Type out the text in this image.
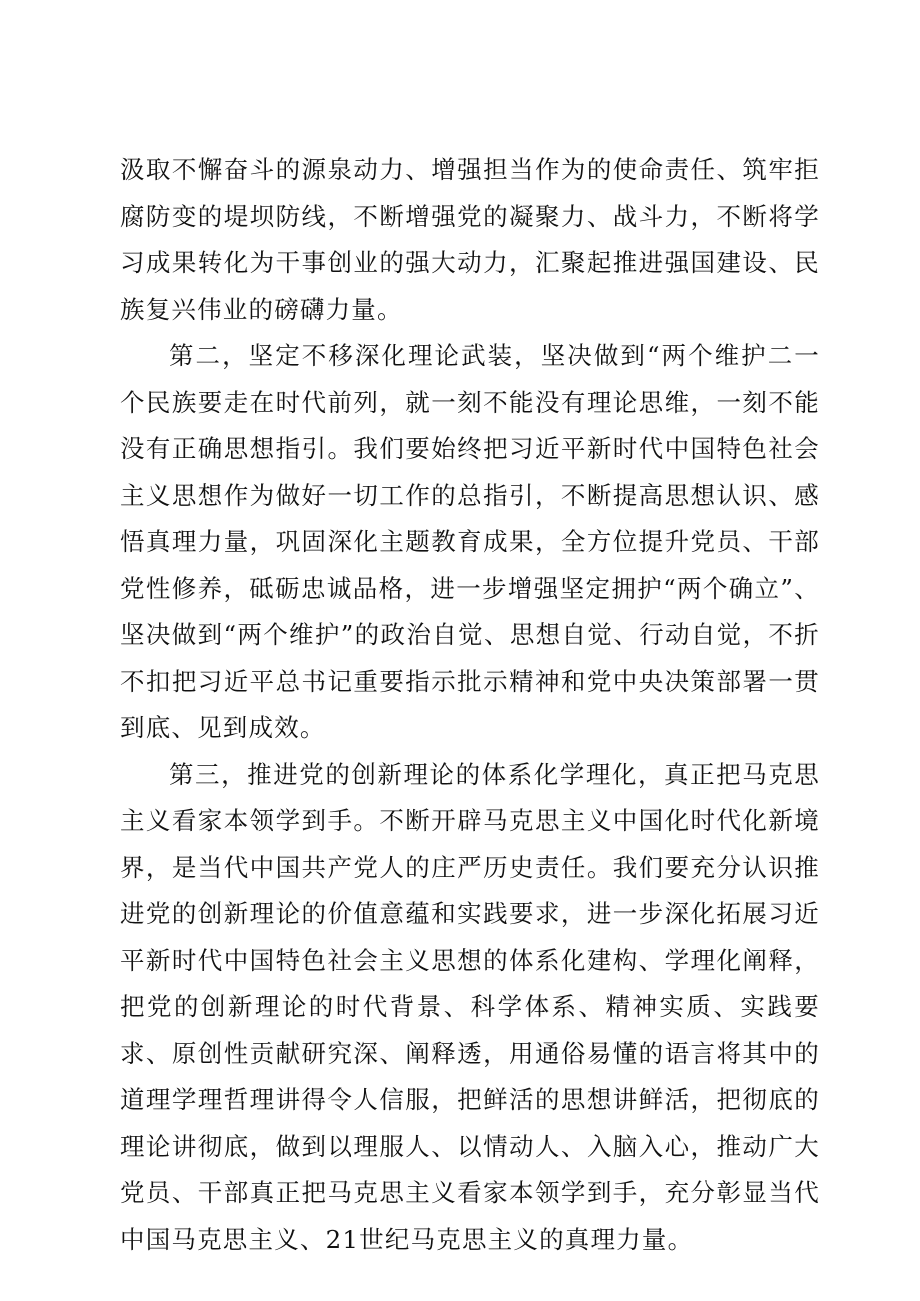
汲取不懈奋斗的源泉动力、增强担当作为的使命责任、筑牢拒腐防变的堤坝防线，不断增强党的凝聚力、战斗力，不断将学习成果转化为干事创业的强大动力，汇聚起推进强国建设、民族复兴伟业的磅礴力量。

第二，坚定不移深化理论武装，坚决做到“两个维护二一个民族要走在时代前列，就一刻不能没有理论思维，一刻不能没有正确思想指引。我们要始终把习近平新时代中国特色社会主义思想作为做好一切工作的总指引，不断提高思想认识、感悟真理力量，巩固深化主题教育成果，全方位提升党员、干部党性修养，砥砺忠诚品格，进一步增强坚定拥护“两个确立”、坚决做到“两个维护”的政治自觉、思想自觉、行动自觉，不折不扣把习近平总书记重要指示批示精神和党中央决策部署一贯到底、见到成效。

第三，推进党的创新理论的体系化学理化，真正把马克思主义看家本领学到手。不断开辟马克思主义中国化时代化新境界，是当代中国共产党人的庄严历史责任。我们要充分认识推进党的创新理论的价值意蕴和实践要求，进一步深化拓展习近平新时代中国特色社会主义思想的体系化建构、学理化阐释，把党的创新理论的时代背景、科学体系、精神实质、实践要求、原创性贡献研究深、阐释透，用通俗易懂的语言将其中的道理学理哲理讲得令人信服，把鲜活的思想讲鲜活，把彻底的理论讲彻底，做到以理服人、以情动人、入脑入心，推动广大党员、干部真正把马克思主义看家本领学到手，充分彰显当代中国马克思主义、21世纪马克思主义的真理力量。
